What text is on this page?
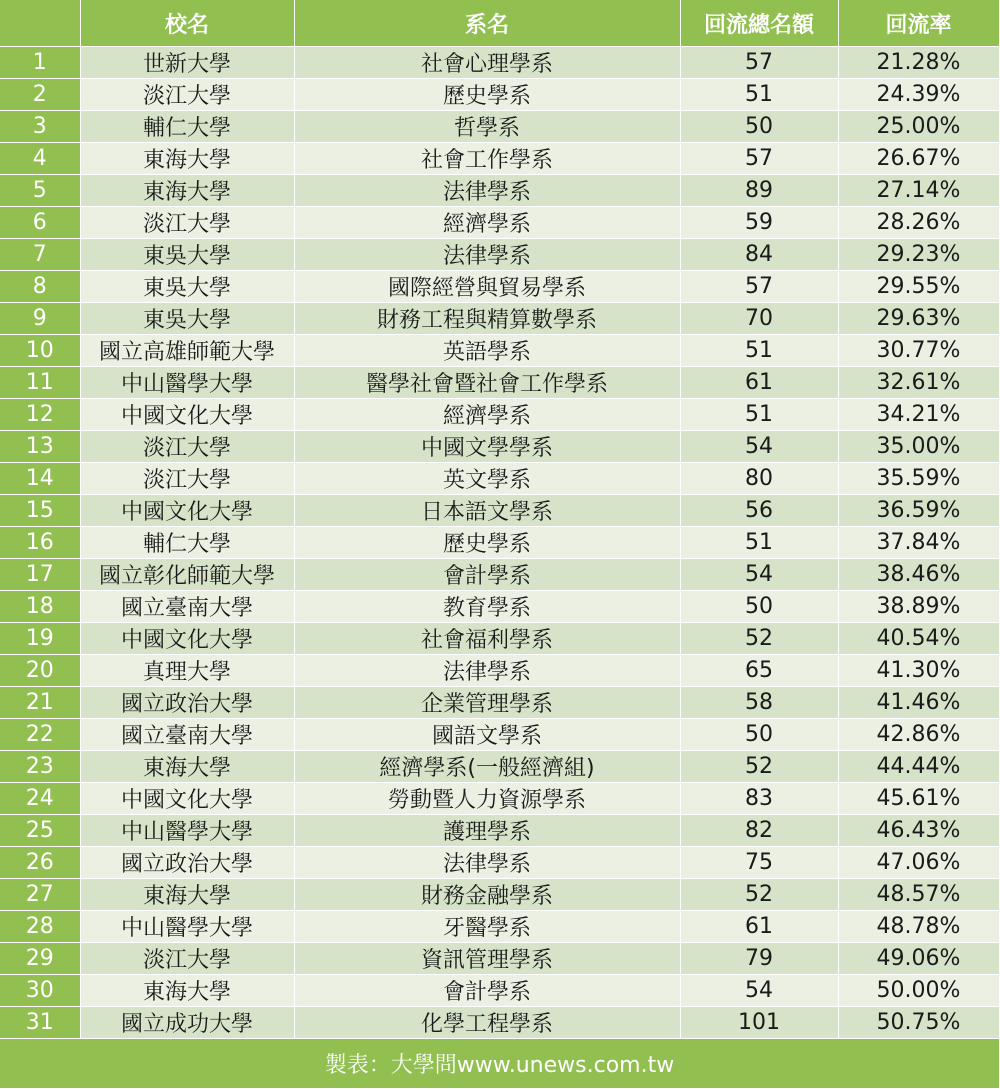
	校名	系名	回流總名額	回流率
1	世新大學	社會心理學系	57	21.28%
2	淡江大學	歷史學系	51	24.39%
3	輔仁大學	哲學系	50	25.00%
4	東海大學	社會工作學系	57	26.67%
5	東海大學	法律學系	89	27.14%
6	淡江大學	經濟學系	59	28.26%
7	東吳大學	法律學系	84	29.23%
8	東吳大學	國際經營與貿易學系	57	29.55%
9	東吳大學	財務工程與精算數學系	70	29.63%
10	國立高雄師範大學	英語學系	51	30.77%
11	中山醫學大學	醫學社會暨社會工作學系	61	32.61%
12	中國文化大學	經濟學系	51	34.21%
13	淡江大學	中國文學學系	54	35.00%
14	淡江大學	英文學系	80	35.59%
15	中國文化大學	日本語文學系	56	36.59%
16	輔仁大學	歷史學系	51	37.84%
17	國立彰化師範大學	會計學系	54	38.46%
18	國立臺南大學	教育學系	50	38.89%
19	中國文化大學	社會福利學系	52	40.54%
20	真理大學	法律學系	65	41.30%
21	國立政治大學	企業管理學系	58	41.46%
22	國立臺南大學	國語文學系	50	42.86%
23	東海大學	經濟學系(一般經濟組)	52	44.44%
24	中國文化大學	勞動暨人力資源學系	83	45.61%
25	中山醫學大學	護理學系	82	46.43%
26	國立政治大學	法律學系	75	47.06%
27	東海大學	財務金融學系	52	48.57%
28	中山醫學大學	牙醫學系	61	48.78%
29	淡江大學	資訊管理學系	79	49.06%
30	東海大學	會計學系	54	50.00%
31	國立成功大學	化學工程學系	101	50.75%
製表：大學問www.unews.com.tw				
